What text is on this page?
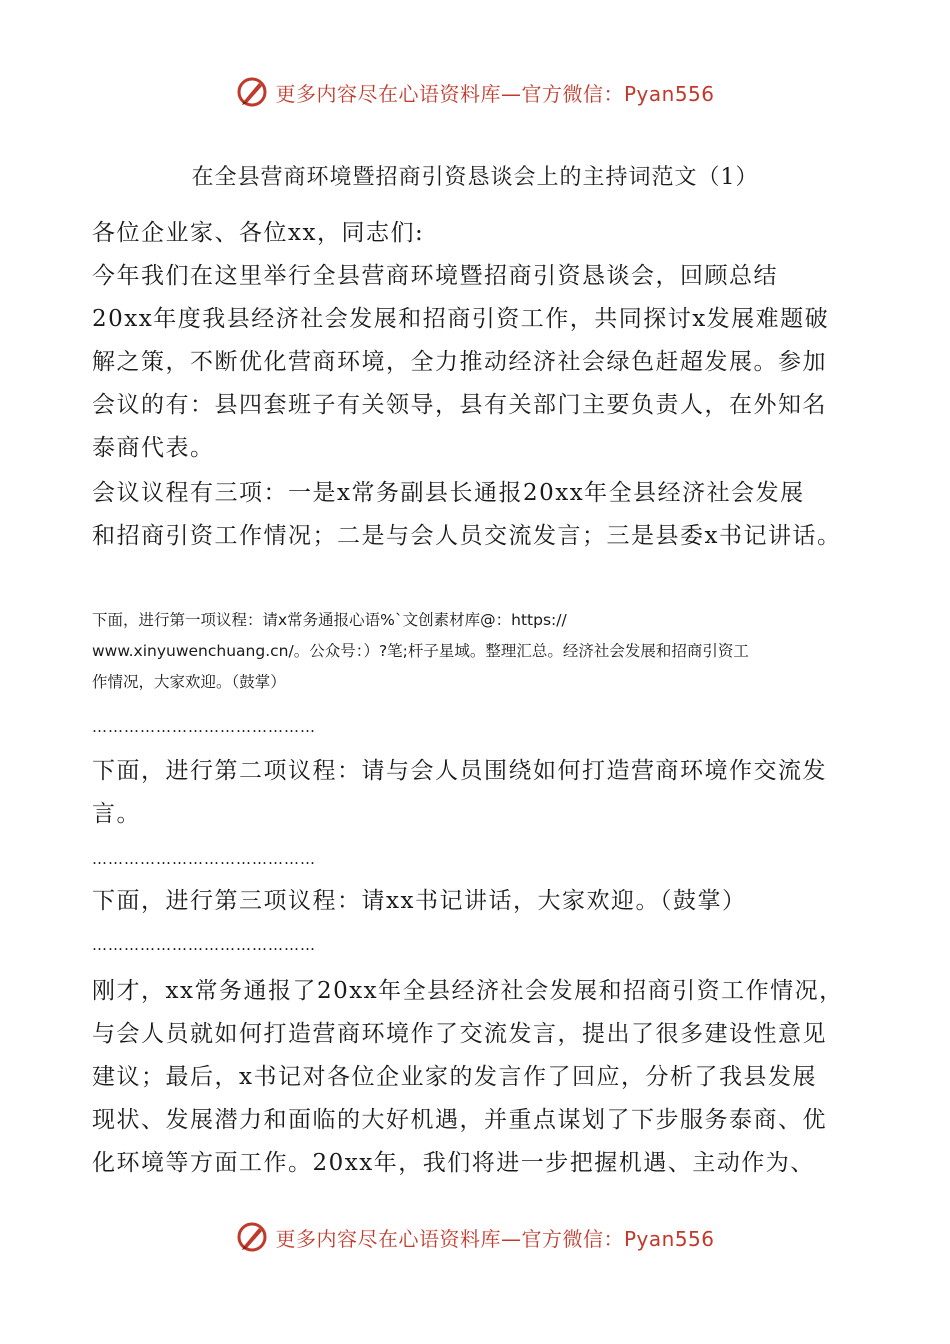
更多内容尽在心语资料库—官方微信：Pyan556
在全县营商环境暨招商引资恳谈会上的主持词范文（1）
各位企业家、各位xx，同志们:
今年我们在这里举行全县营商环境暨招商引资恳谈会，回顾总结
20xx年度我县经济社会发展和招商引资工作，共同探讨x发展难题破
解之策，不断优化营商环境，全力推动经济社会绿色赶超发展。参加
会议的有：县四套班子有关领导，县有关部门主要负责人，在外知名
泰商代表。
会议议程有三项：一是x常务副县长通报20xx年全县经济社会发展
和招商引资工作情况；二是与会人员交流发言；三是县委x书记讲话。
下面，进行第一项议程：请x常务通报心语%`文创素材库@：https://
www.xinyuwenchuang.cn/。公众号：）?笔;杆子星域。整理汇总。经济社会发展和招商引资工
作情况，大家欢迎。（鼓掌）
……………………………………
下面，进行第二项议程：请与会人员围绕如何打造营商环境作交流发
言。
……………………………………
下面，进行第三项议程：请xx书记讲话，大家欢迎。（鼓掌）
……………………………………
刚才，xx常务通报了20xx年全县经济社会发展和招商引资工作情况，
与会人员就如何打造营商环境作了交流发言，提出了很多建设性意见
建议；最后，x书记对各位企业家的发言作了回应，分析了我县发展
现状、发展潜力和面临的大好机遇，并重点谋划了下步服务泰商、优
化环境等方面工作。20xx年，我们将进一步把握机遇、主动作为、
更多内容尽在心语资料库—官方微信：Pyan556
